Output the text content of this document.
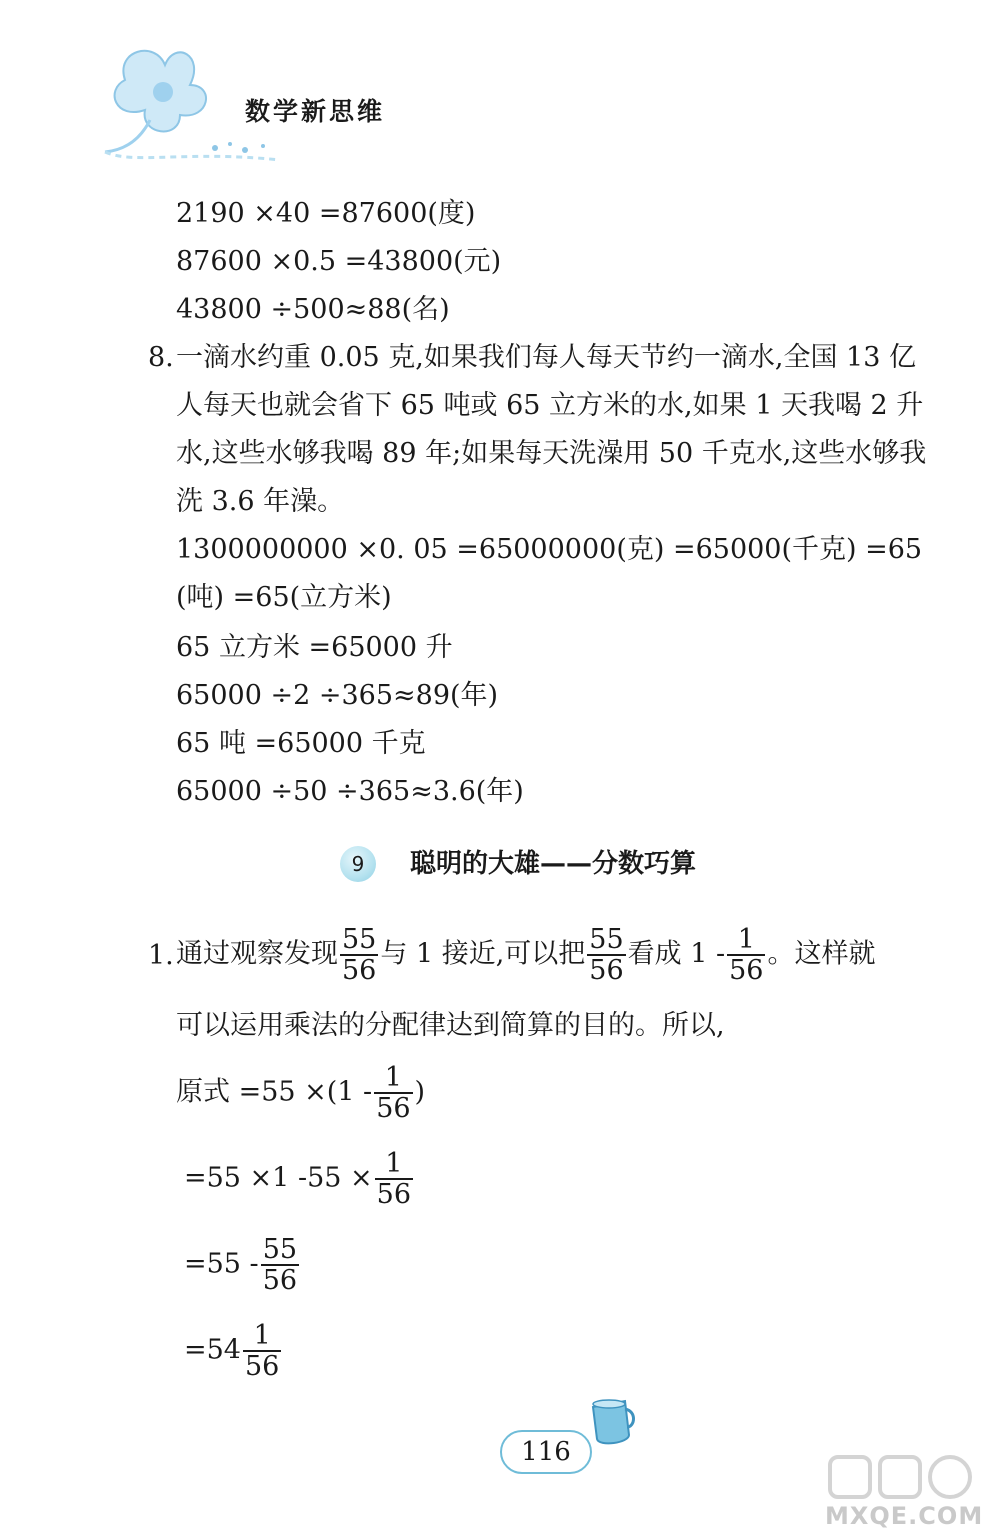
数学新思维
2190 ×40 =87600(度)
87600 ×0.5 =43800(元)
43800 ÷500≈88(名)
8. 一滴水约重 0.05 克,如果我们每人每天节约一滴水,全国 13 亿人每天也就会省下 65 吨或 65 立方米的水,如果 1 天我喝 2 升水,这些水够我喝 89 年;如果每天洗澡用 50 千克水,这些水够我洗 3.6 年澡。
1300000000 ×0. 05 =65000000(克) =65000(千克) =65 (吨) =65(立方米)
65 立方米 =65000 升
65000 ÷2 ÷365≈89(年)
65 吨 =65000 千克
65000 ÷50 ÷365≈3.6(年)
9	聪明的大雄——分数巧算
1. 通过观察发现 $\frac{55}{56}$ 与 1 接近,可以把 $\frac{55}{56}$ 看成 $1 - \frac{1}{56}$ 。这样就
可以运用乘法的分配律达到简算的目的。所以,
原式 $=55 \times(1 - \frac{1}{56}$ )
=55 ×1 $-55 \times \frac{1}{56}$
$=55 - \frac{55}{56}$
$=54 \frac{1}{56}$
116
MXQE.COM
